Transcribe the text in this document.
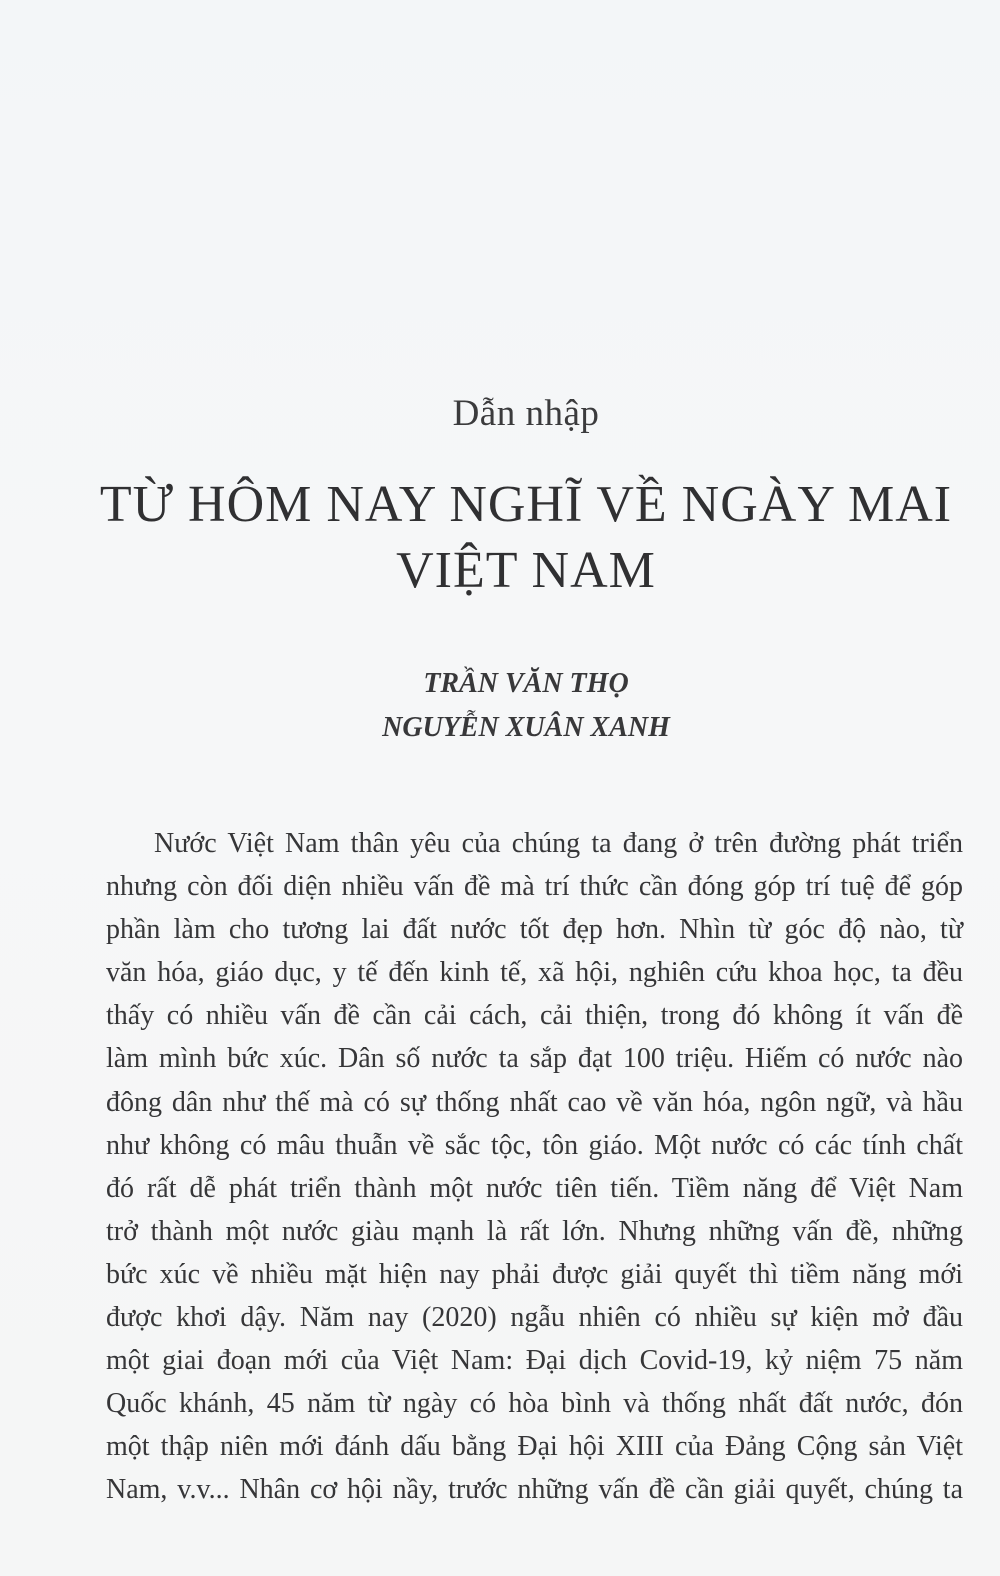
Dẫn nhập
TỪ HÔM NAY NGHĨ VỀ NGÀY MAI
VIỆT NAM
TRẦN VĂN THỌ
NGUYỄN XUÂN XANH
Nước Việt Nam thân yêu của chúng ta đang ở trên đường phát triển
nhưng còn đối diện nhiều vấn đề mà trí thức cần đóng góp trí tuệ để góp
phần làm cho tương lai đất nước tốt đẹp hơn. Nhìn từ góc độ nào, từ
văn hóa, giáo dục, y tế đến kinh tế, xã hội, nghiên cứu khoa học, ta đều
thấy có nhiều vấn đề cần cải cách, cải thiện, trong đó không ít vấn đề
làm mình bức xúc. Dân số nước ta sắp đạt 100 triệu. Hiếm có nước nào
đông dân như thế mà có sự thống nhất cao về văn hóa, ngôn ngữ, và hầu
như không có mâu thuẫn về sắc tộc, tôn giáo. Một nước có các tính chất
đó rất dễ phát triển thành một nước tiên tiến. Tiềm năng để Việt Nam
trở thành một nước giàu mạnh là rất lớn. Nhưng những vấn đề, những
bức xúc về nhiều mặt hiện nay phải được giải quyết thì tiềm năng mới
được khơi dậy. Năm nay (2020) ngẫu nhiên có nhiều sự kiện mở đầu
một giai đoạn mới của Việt Nam: Đại dịch Covid-19, kỷ niệm 75 năm
Quốc khánh, 45 năm từ ngày có hòa bình và thống nhất đất nước, đón
một thập niên mới đánh dấu bằng Đại hội XIII của Đảng Cộng sản Việt
Nam, v.v... Nhân cơ hội nầy, trước những vấn đề cần giải quyết, chúng ta
